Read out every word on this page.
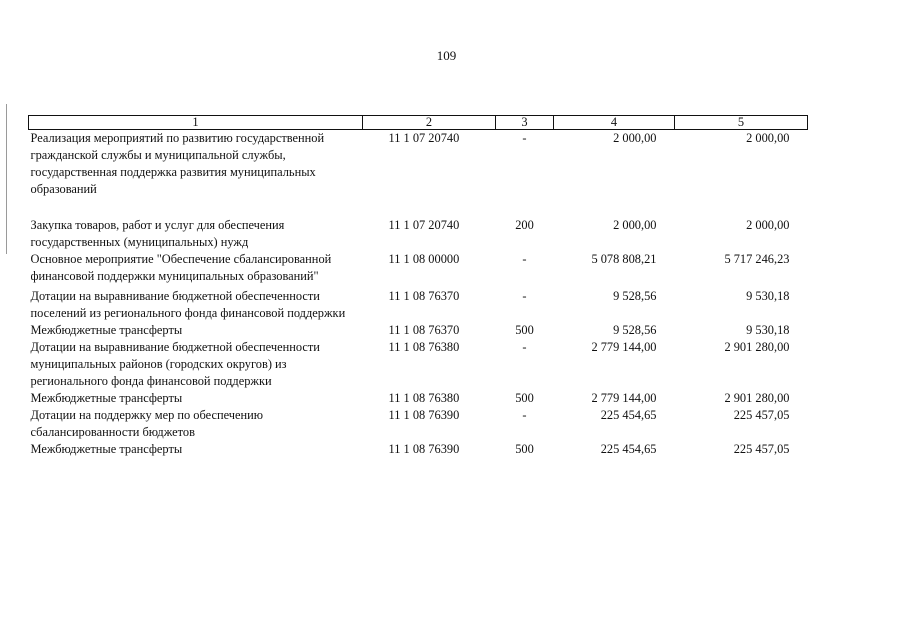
109
1	2	3	4	5
Реализация мероприятий по развитию государственной гражданской службы и муниципальной службы, государственная поддержка развития муниципальных образований	11 1 07 20740	-	2 000,00	2 000,00
Закупка товаров, работ и услуг для обеспечения государственных (муниципальных) нужд	11 1 07 20740	200	2 000,00	2 000,00
Основное мероприятие "Обеспечение сбалансированной финансовой поддержки муниципальных образований"	11 1 08 00000	-	5 078 808,21	5 717 246,23
Дотации на выравнивание бюджетной обеспеченности поселений из регионального фонда финансовой поддержки	11 1 08 76370	-	9 528,56	9 530,18
Межбюджетные трансферты	11 1 08 76370	500	9 528,56	9 530,18
Дотации на выравнивание бюджетной обеспеченности муниципальных районов (городских округов) из регионального фонда финансовой поддержки	11 1 08 76380	-	2 779 144,00	2 901 280,00
Межбюджетные трансферты	11 1 08 76380	500	2 779 144,00	2 901 280,00
Дотации на поддержку мер по обеспечению сбалансированности бюджетов	11 1 08 76390	-	225 454,65	225 457,05
Межбюджетные трансферты	11 1 08 76390	500	225 454,65	225 457,05
